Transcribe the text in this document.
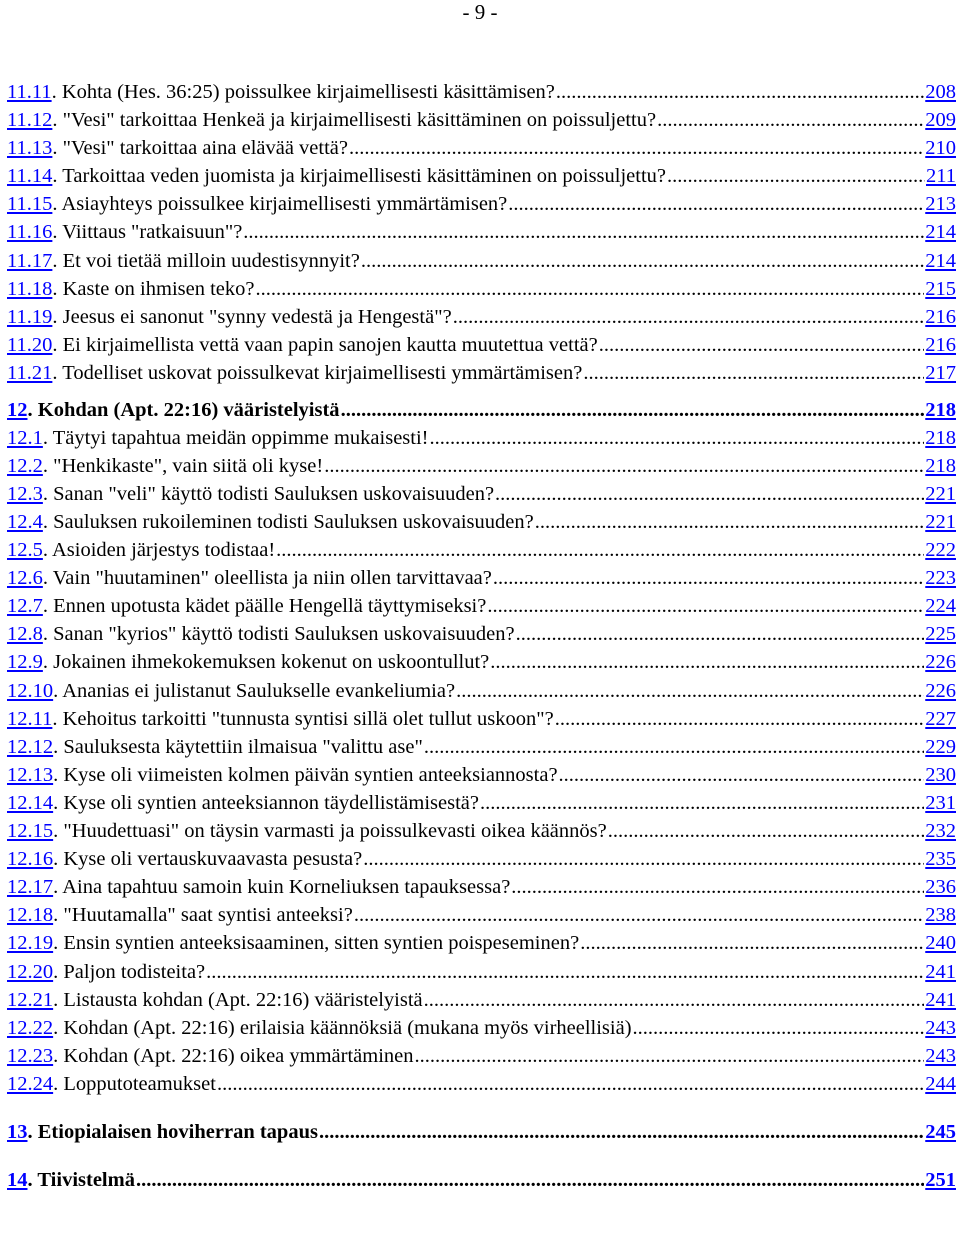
- 9 -
11.11 . Kohta (Hes. 36:25) poissulkee kirjaimellisesti käsittämisen? .....	208
11.12 . "Vesi" tarkoittaa Henkeä ja kirjaimellisesti käsittäminen on poissuljettu? .....	209
11.13 . "Vesi" tarkoittaa aina elävää vettä? .....	210
11.14 . Tarkoittaa veden juomista ja kirjaimellisesti käsittäminen on poissuljettu? .....	211
11.15 . Asiayhteys poissulkee kirjaimellisesti ymmärtämisen? .....	213
11.16 . Viittaus "ratkaisuun"? .....	214
11.17 . Et voi tietää milloin uudestisynnyit? .....	214
11.18 . Kaste on ihmisen teko? .....	215
11.19 . Jeesus ei sanonut "synny vedestä ja Hengestä"? .....	216
11.20 . Ei kirjaimellista vettä vaan papin sanojen kautta muutettua vettä? .....	216
11.21 . Todelliset uskovat poissulkevat kirjaimellisesti ymmärtämisen? .....	217
12 . Kohdan (Apt. 22:16) vääristelyistä .....	218
12.1 . Täytyi tapahtua meidän oppimme mukaisesti! .....	218
12.2 . "Henkikaste", vain siitä oli kyse! .....	218
12.3 . Sanan "veli" käyttö todisti Sauluksen uskovaisuuden? .....	221
12.4 . Sauluksen rukoileminen todisti Sauluksen uskovaisuuden? .....	221
12.5 . Asioiden järjestys todistaa! .....	222
12.6 . Vain "huutaminen" oleellista ja niin ollen tarvittavaa? .....	223
12.7 . Ennen upotusta kädet päälle Hengellä täyttymiseksi? .....	224
12.8 . Sanan "kyrios" käyttö todisti Sauluksen uskovaisuuden? .....	225
12.9 . Jokainen ihmekokemuksen kokenut on uskoontullut? .....	226
12.10 . Ananias ei julistanut Saulukselle evankeliumia? .....	226
12.11 . Kehoitus tarkoitti "tunnusta syntisi sillä olet tullut uskoon"? .....	227
12.12 . Sauluksesta käytettiin ilmaisua "valittu ase" .....	229
12.13 . Kyse oli viimeisten kolmen päivän syntien anteeksiannosta? .....	230
12.14 . Kyse oli syntien anteeksiannon täydellistämisestä? .....	231
12.15 . "Huudettuasi" on täysin varmasti ja poissulkevasti oikea käännös? .....	232
12.16 . Kyse oli vertauskuvaavasta pesusta? .....	235
12.17 . Aina tapahtuu samoin kuin Korneliuksen tapauksessa? .....	236
12.18 . "Huutamalla" saat syntisi anteeksi? .....	238
12.19 . Ensin syntien anteeksisaaminen, sitten syntien poispeseminen? .....	240
12.20 . Paljon todisteita? .....	241
12.21 . Listausta kohdan (Apt. 22:16) vääristelyistä .....	241
12.22 . Kohdan (Apt. 22:16) erilaisia käännöksiä (mukana myös virheellisiä) .....	243
12.23 . Kohdan (Apt. 22:16) oikea ymmärtäminen .....	243
12.24 . Lopputoteamukset .....	244
13 . Etiopialaisen hoviherran tapaus .....	245
14 . Tiivistelmä .....	251
